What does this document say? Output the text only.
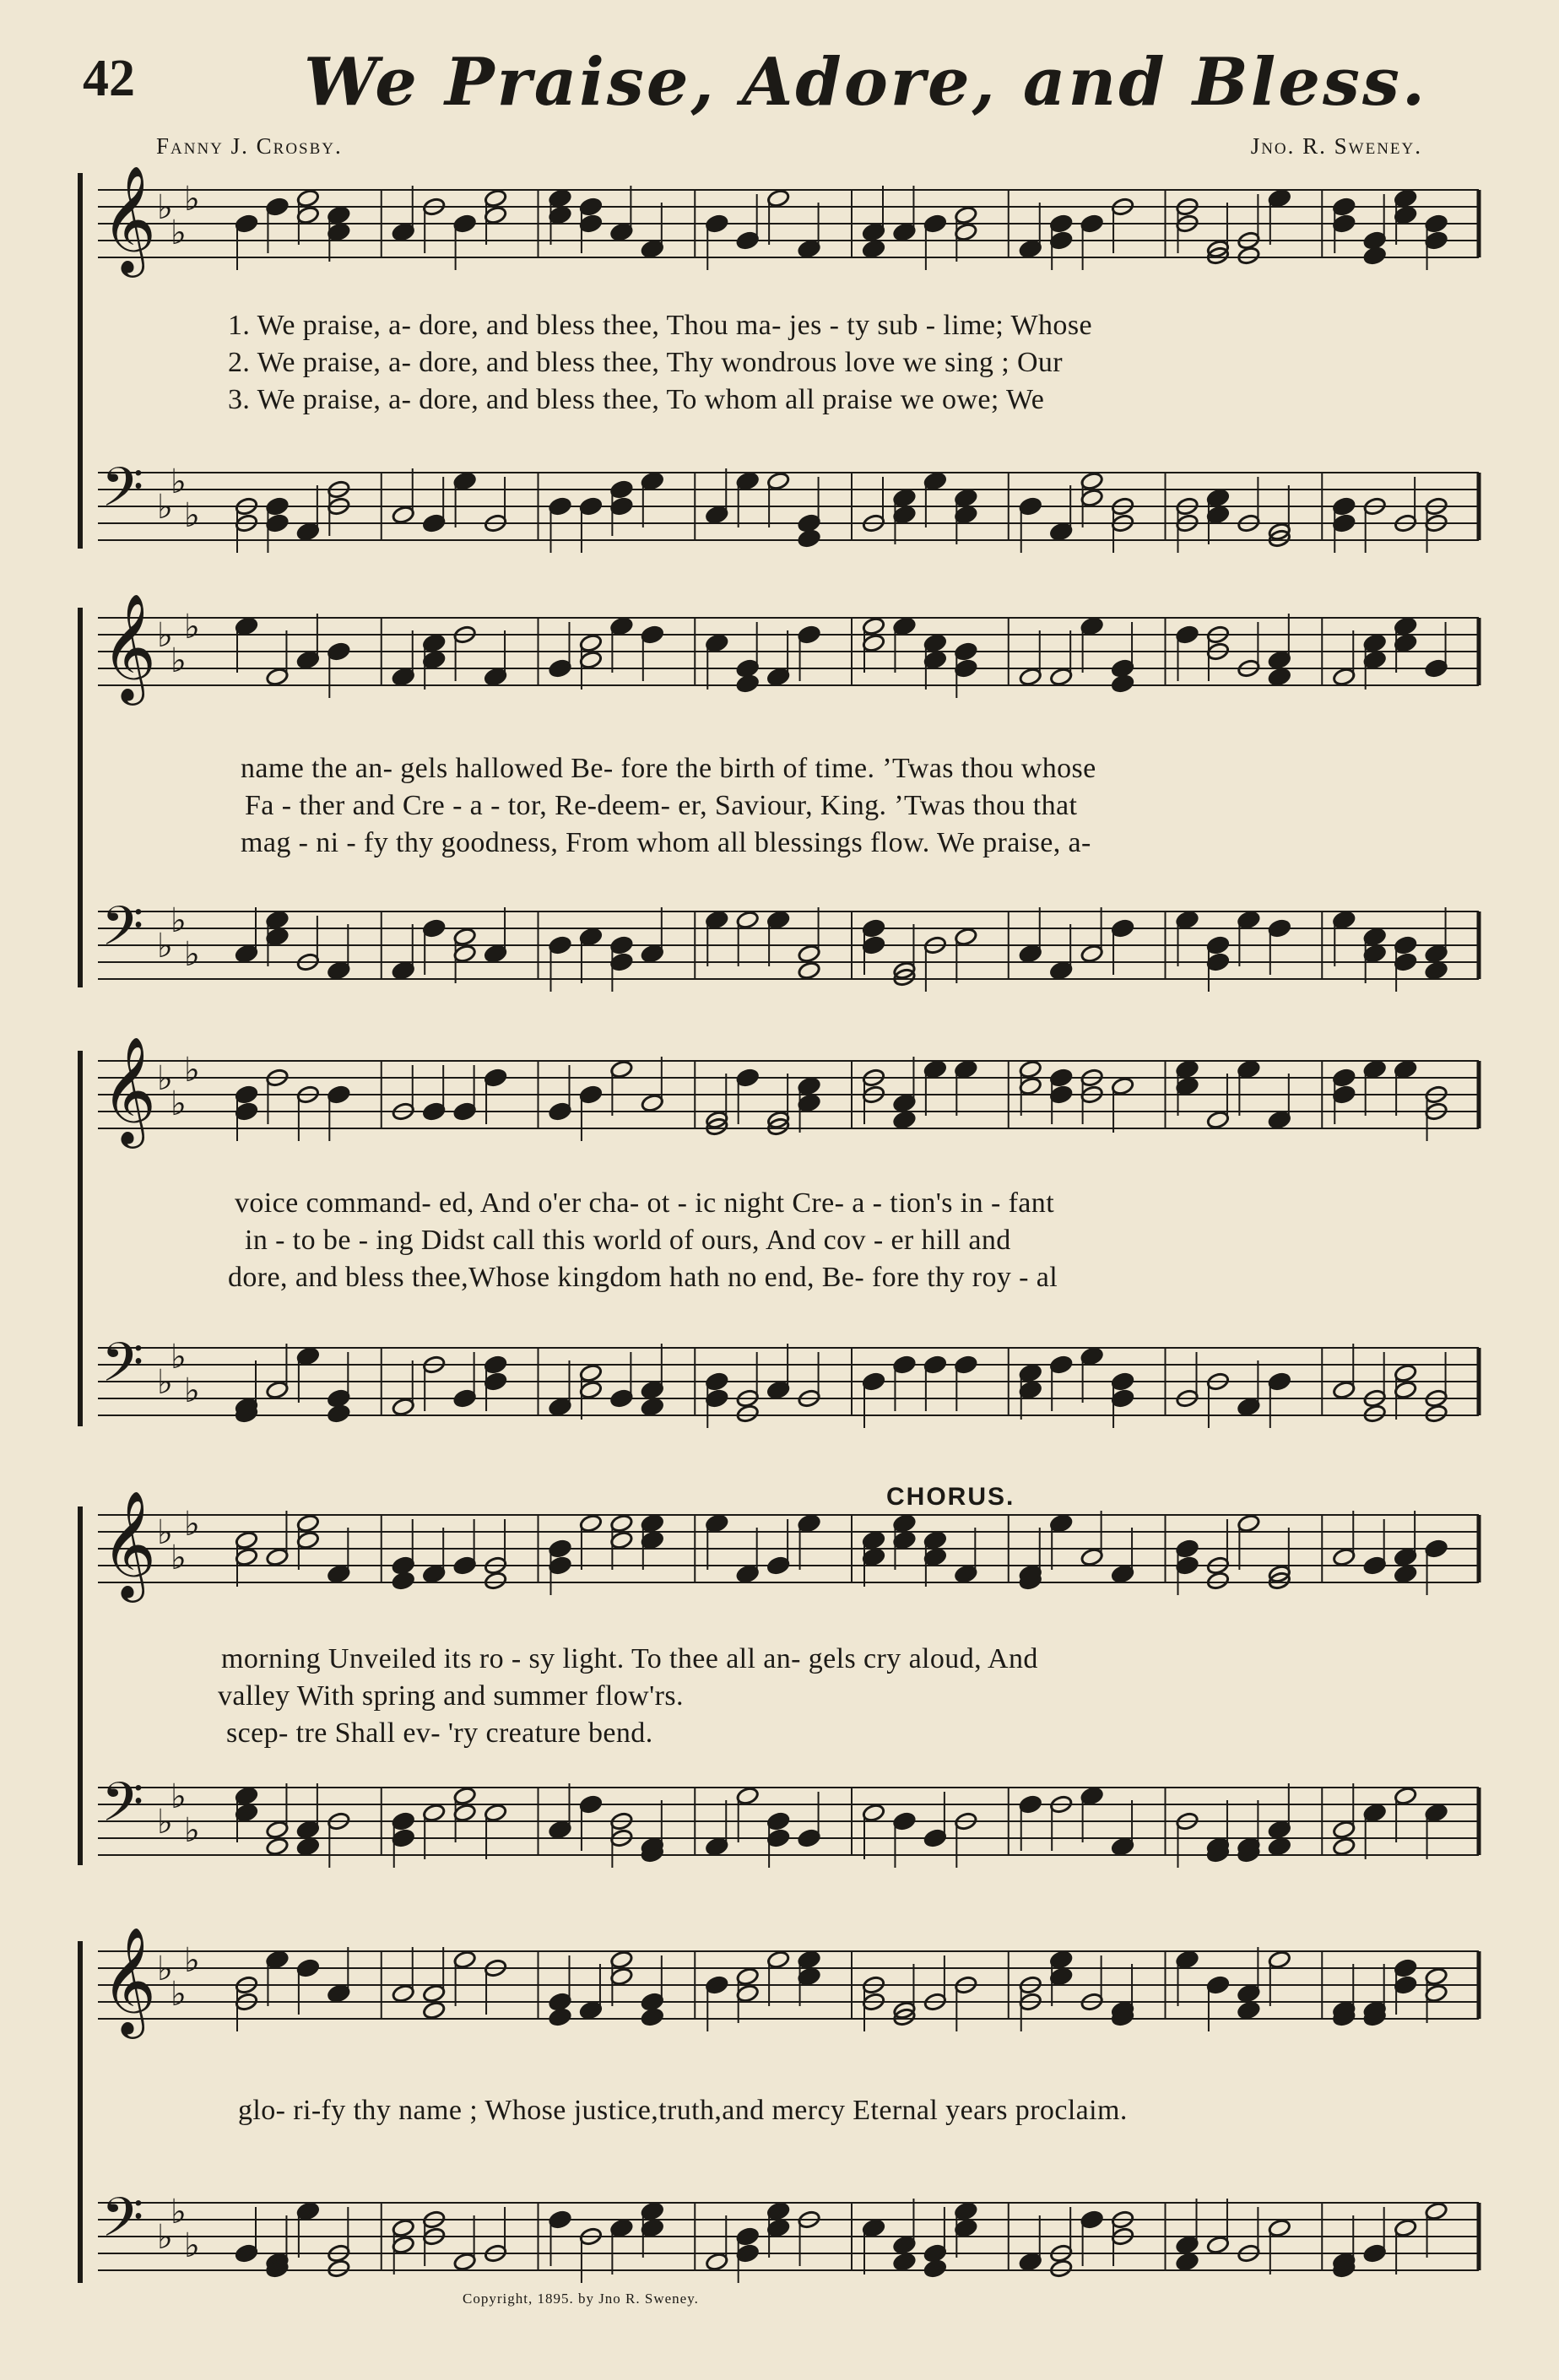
42	We Praise, Adore, and Bless.
Fanny J. Crosby.	Jno. R. Sweney.
𝄞 ♭
♭
♭
1. We praise, a- dore, and bless thee, Thou ma- jes - ty sub - lime; Whose
2. We praise, a- dore, and bless thee, Thy wondrous love we sing ; Our
3. We praise, a- dore, and bless thee, To whom all praise we owe; We
𝄢 ♭
♭
♭
𝄞 ♭
♭
♭
name the an- gels hallowed Be- fore the birth of time. ’Twas thou whose
Fa - ther and Cre - a - tor, Re-deem- er, Saviour, King. ’Twas thou that
mag - ni - fy thy goodness, From whom all blessings flow. We praise, a-
𝄢 ♭
♭
♭
𝄞 ♭
♭
♭
voice command- ed, And o'er cha- ot - ic night Cre- a - tion's in - fant
in - to be - ing Didst call this world of ours, And cov - er hill and
dore, and bless thee,Whose kingdom hath no end, Be- fore thy roy - al
𝄢 ♭
♭
♭
CHORUS.
𝄞 ♭
♭
♭
morning Unveiled its ro - sy light. To thee all an- gels cry aloud, And
valley With spring and summer flow'rs.
scep- tre Shall ev- 'ry creature bend.
𝄢 ♭
♭
♭
𝄞 ♭
♭
♭
glo- ri-fy thy name ; Whose justice,truth,and mercy Eternal years proclaim.
𝄢 ♭
♭
♭
Copyright, 1895. by Jno R. Sweney.
